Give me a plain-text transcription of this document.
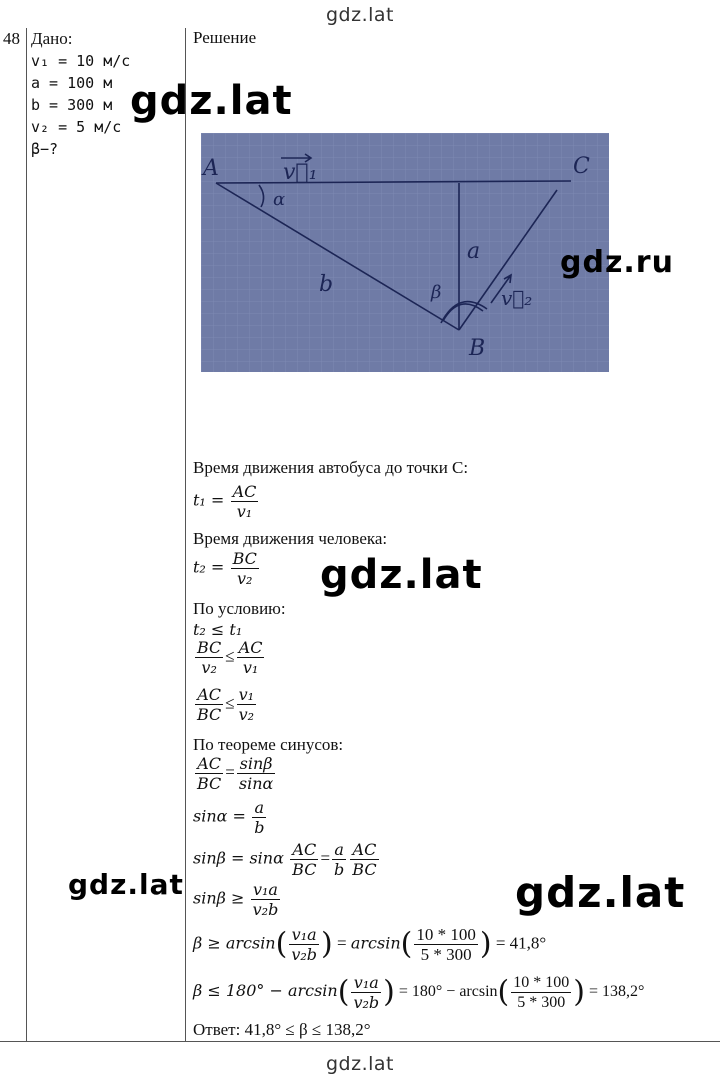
gdz.lat
gdz.lat
48 Дано:
v₁ = 10 м/с
a = 100 м
b = 300 м
v₂ = 5 м/с
β−?
Решение
A	C
B
v⃗₁
v⃗₂
α
β
a
b
Время движения автобуса до точки C:
$t_1 = \frac{AC}{\text{v₁}}$
Время движения человека:
$t_2 = \frac{BC}{\text{v₂}}$
По условию:
t₂ ≤ t₁
$\frac{BC}{\text{v₂}} \le \frac{AC}{\text{v₁}}$
$\frac{AC}{BC} \le \frac{\text{v₁}}{\text{v₂}}$
По теореме синусов:
$\frac{AC}{BC} = \frac{\sin\beta}{\sin\alpha}$
$\sin\alpha = \frac{a}{b}$
sinβ = sinα $\frac{AC}{BC} = \frac{a}{b} \frac{AC}{BC}$
$\sin\beta \ge \frac{\text{v₁a}}{\text{v₂b}}$
$\beta \ge \arcsin( \frac{\text{v₁a}}{\text{v₂b}}$ ) = $\arcsin( \frac{10 * 100}{5 * 300}$ ) = 41,8°
$\beta \le 180^\circ - \arcsin( \frac{\text{v₁a}}{\text{v₂b}}$ ) = $180^\circ - \arcsin( \frac{10 * 100}{5 * 300}$ ) = 138,2°
Ответ: 41,8° ≤ β ≤ 138,2°
gdz.lat
gdz.ru
gdz.lat
gdz.lat	gdz.lat
